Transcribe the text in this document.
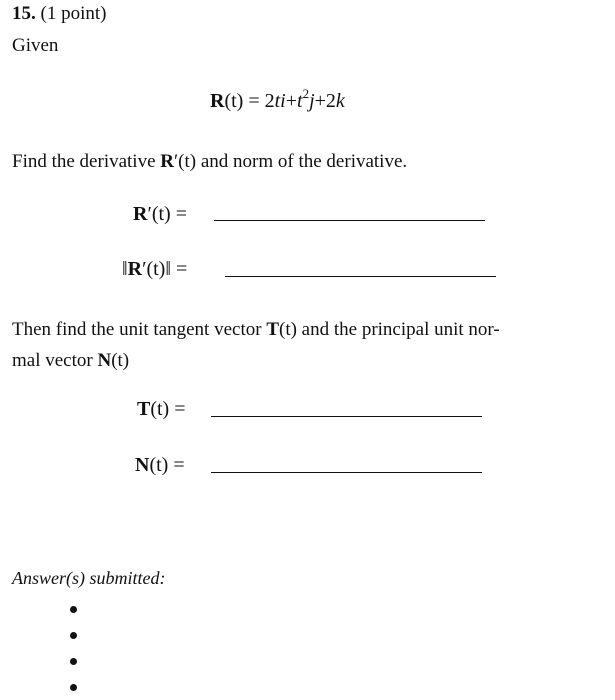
15. (1 point)
Given
$R(t) = 2ti+t^2j+2k$
Find the derivative R′(t) and norm of the derivative.
R′(t) =
‖R′(t)‖ =
Then find the unit tangent vector T(t) and the principal unit nor-
mal vector N(t)
T(t) =
N(t) =
Answer(s) submitted:
